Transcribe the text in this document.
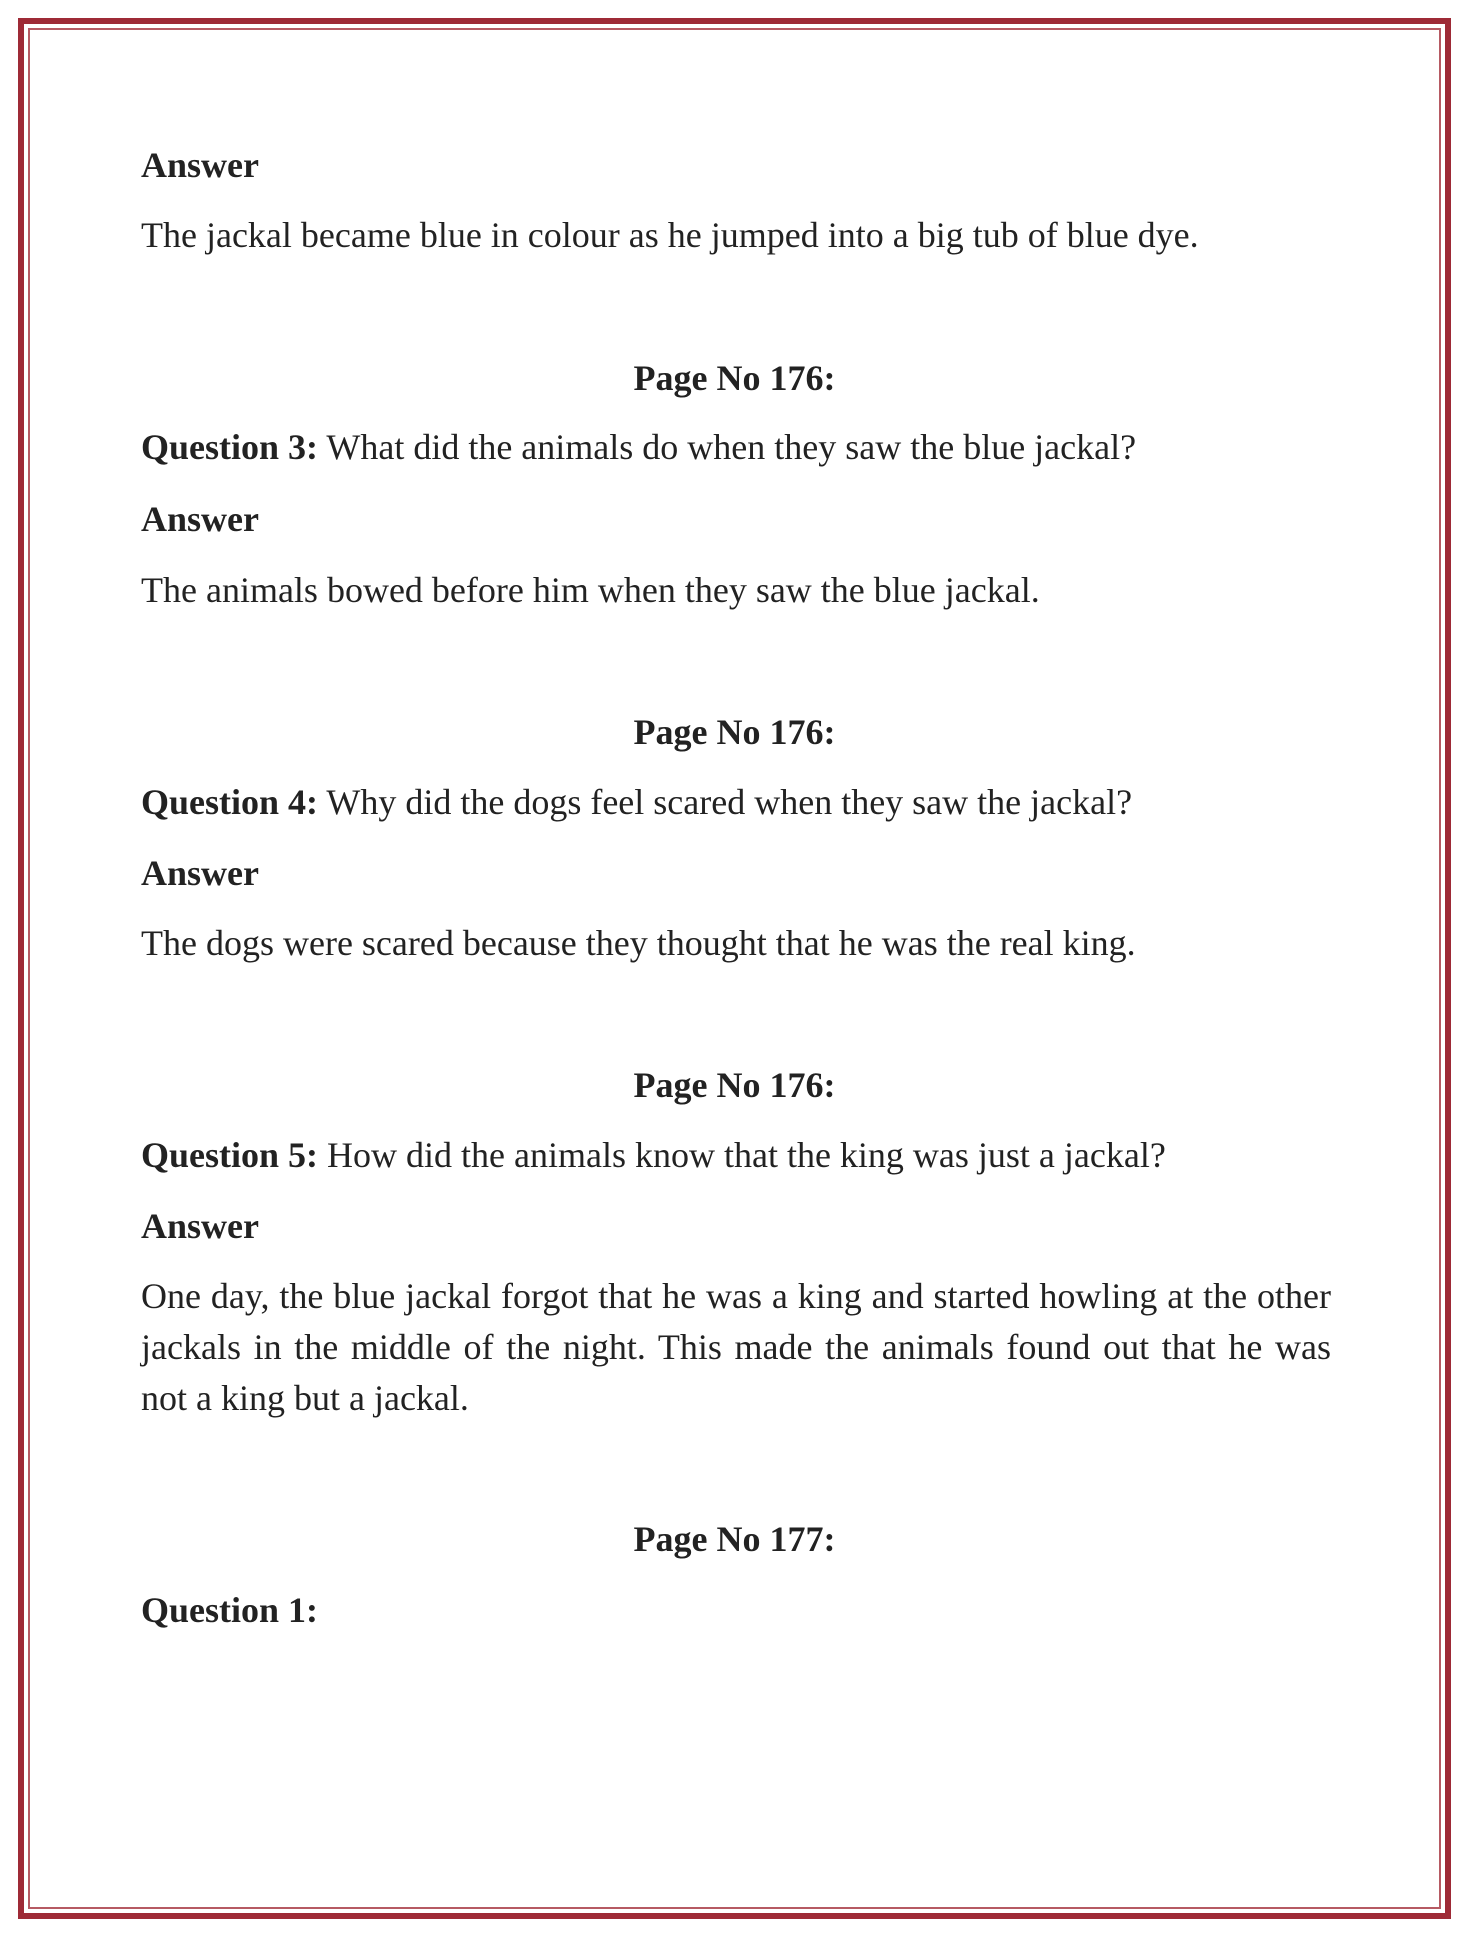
Answer
The jackal became blue in colour as he jumped into a big tub of blue dye.
Page No 176:
Question 3: What did the animals do when they saw the blue jackal?
Answer
The animals bowed before him when they saw the blue jackal.
Page No 176:
Question 4: Why did the dogs feel scared when they saw the jackal?
Answer
The dogs were scared because they thought that he was the real king.
Page No 176:
Question 5: How did the animals know that the king was just a jackal?
Answer
One day, the blue jackal forgot that he was a king and started howling at the other jackals in the middle of the night. This made the animals found out that he was not a king but a jackal.
Page No 177:
Question 1:
